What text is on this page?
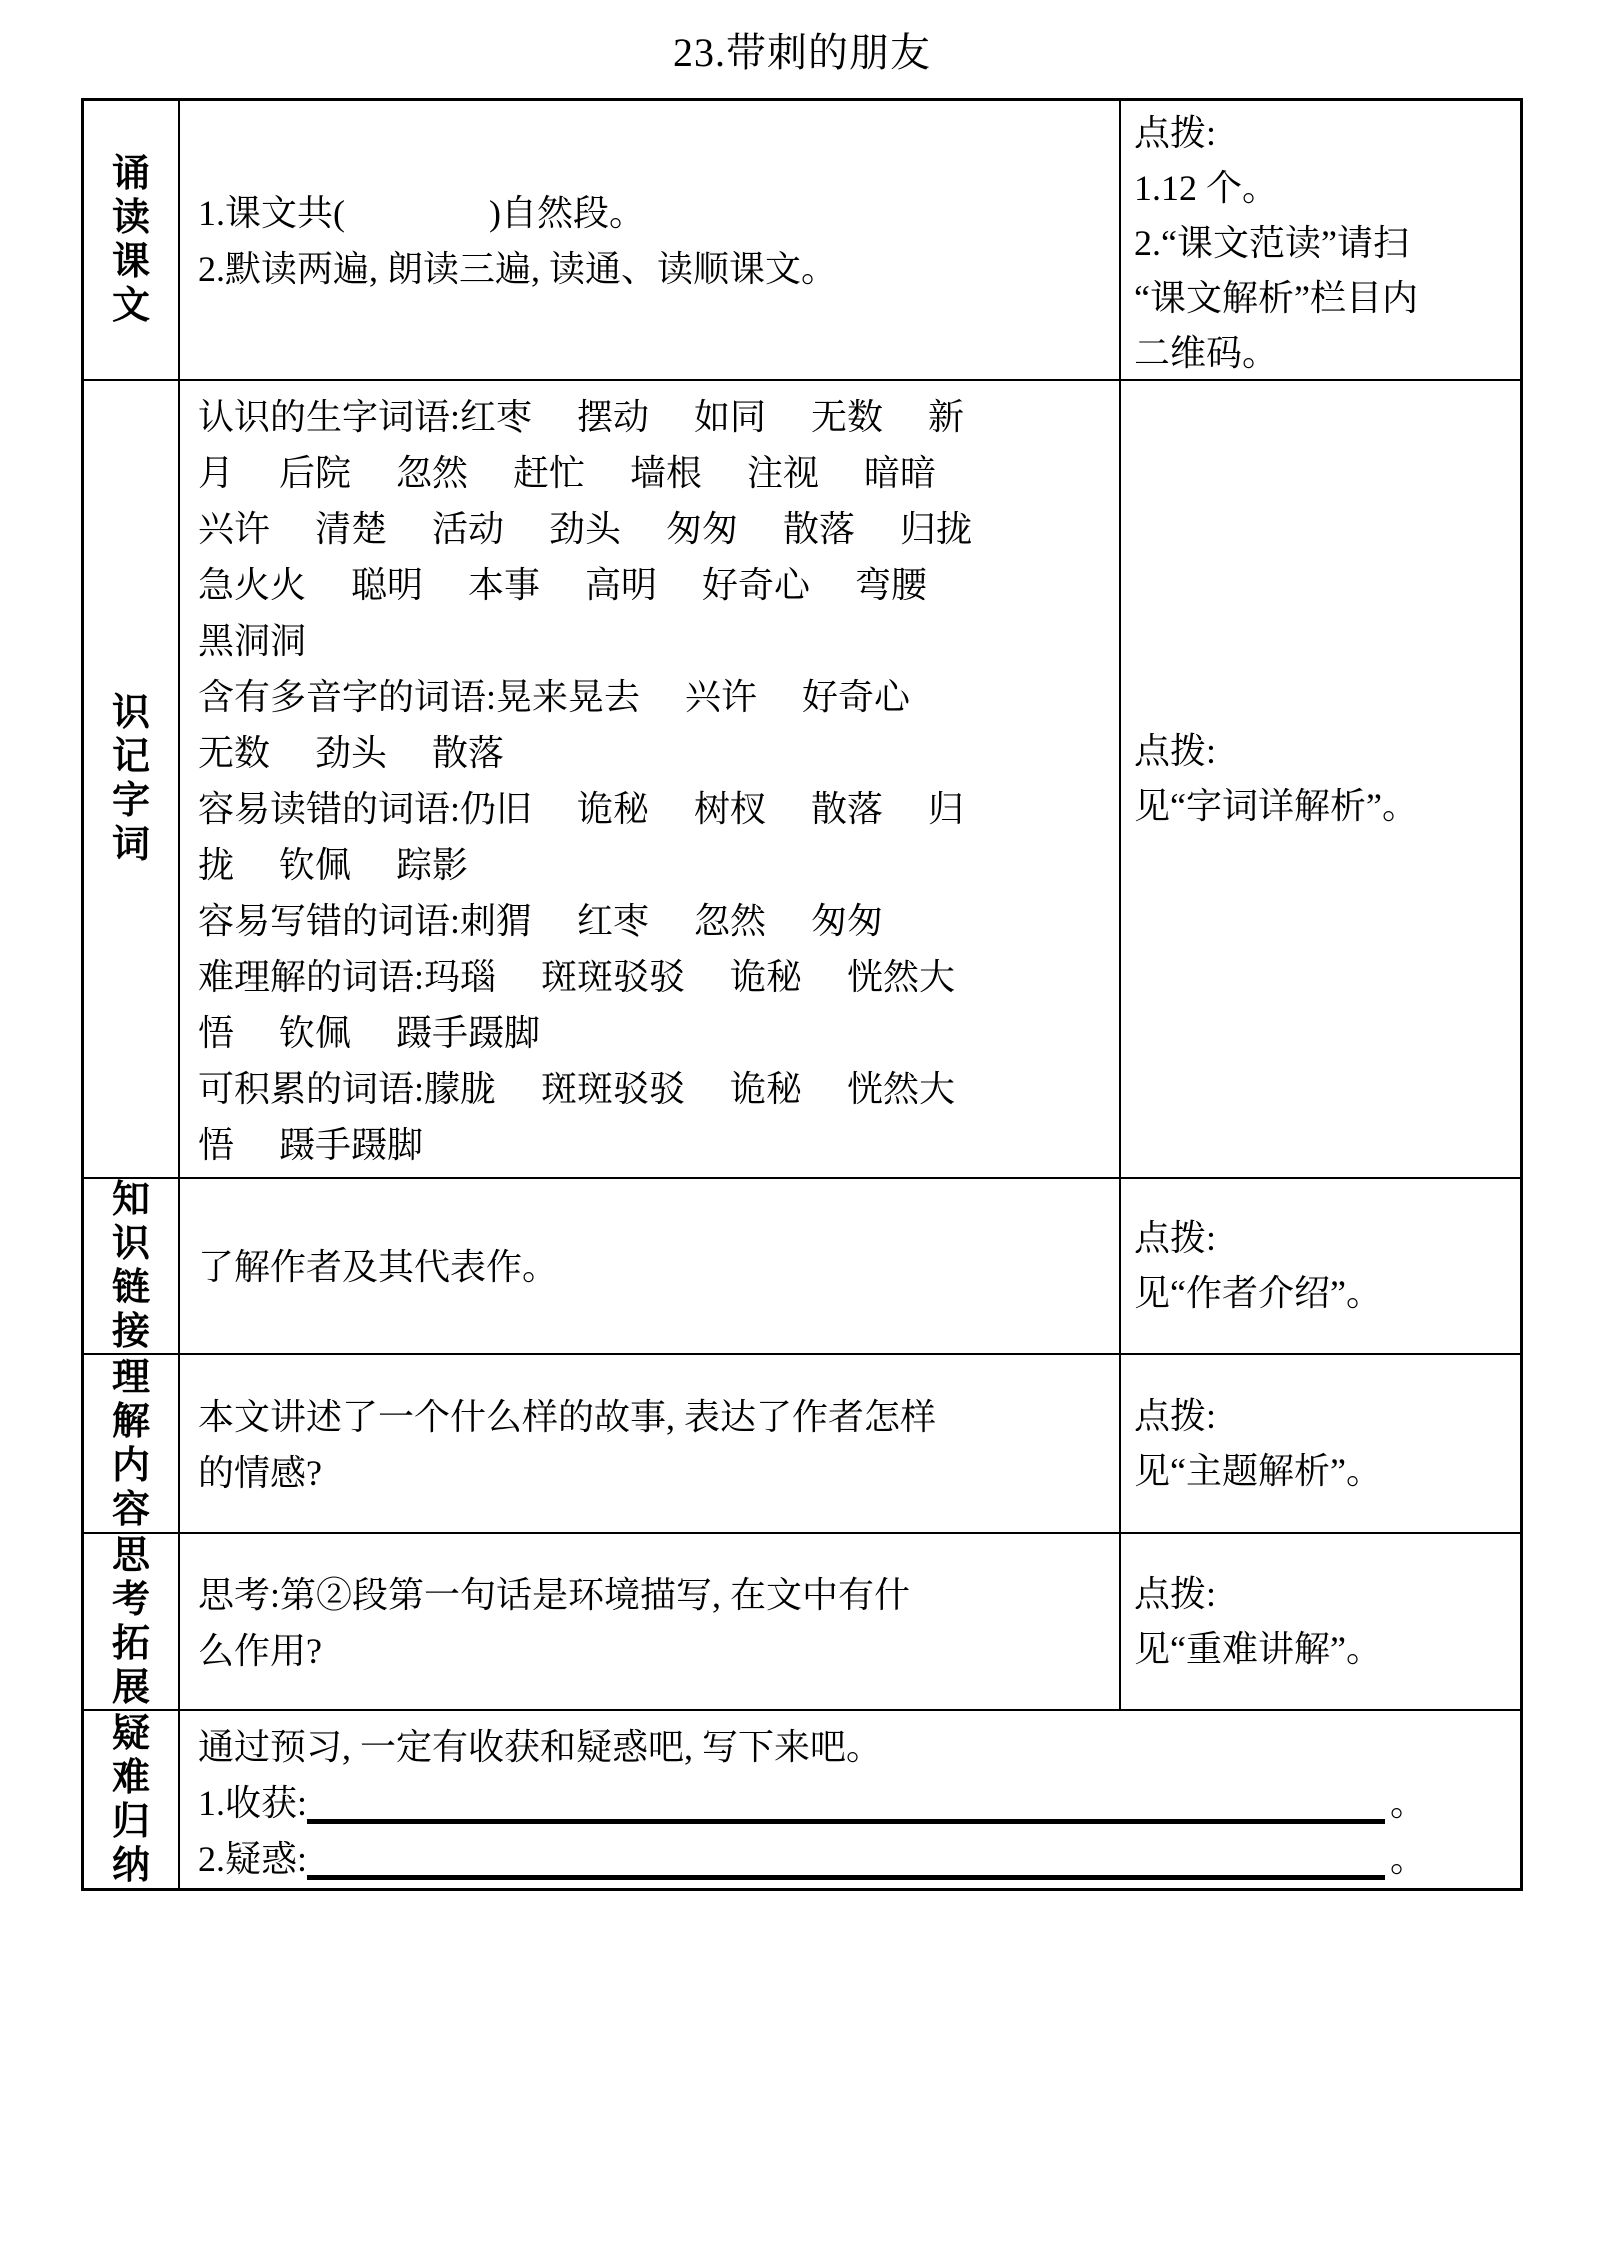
23.带刺的朋友
诵读课文
1.课文共(　　　　)自然段。
2.默读两遍, 朗读三遍, 读通、读顺课文。
点拨:
1.12 个。
2.“课文范读”请扫
“课文解析”栏目内
二维码。
识记字词
认识的生字词语:红枣　 摆动　 如同　 无数　 新
月　 后院　 忽然　 赶忙　 墙根　 注视　 暗暗
兴许　 清楚　 活动　 劲头　 匆匆　 散落　 归拢
急火火　 聪明　 本事　 高明　 好奇心　 弯腰
黑洞洞
含有多音字的词语:晃来晃去　 兴许　 好奇心
无数　 劲头　 散落
容易读错的词语:仍旧　 诡秘　 树杈　 散落　 归
拢　 钦佩　 踪影
容易写错的词语:刺猬　 红枣　 忽然　 匆匆
难理解的词语:玛瑙　 斑斑驳驳　 诡秘　 恍然大
悟　 钦佩　 蹑手蹑脚
可积累的词语:朦胧　 斑斑驳驳　 诡秘　 恍然大
悟　 蹑手蹑脚
点拨:
见“字词详解析”。
知识链接
了解作者及其代表作。
点拨:
见“作者介绍”。
理解内容
本文讲述了一个什么样的故事, 表达了作者怎样
的情感?
点拨:
见“主题解析”。
思考拓展
思考:第②段第一句话是环境描写, 在文中有什
么作用?
点拨:
见“重难讲解”。
疑难归纳
通过预习, 一定有收获和疑惑吧, 写下来吧。
1.收获:	。
2.疑惑:	。
